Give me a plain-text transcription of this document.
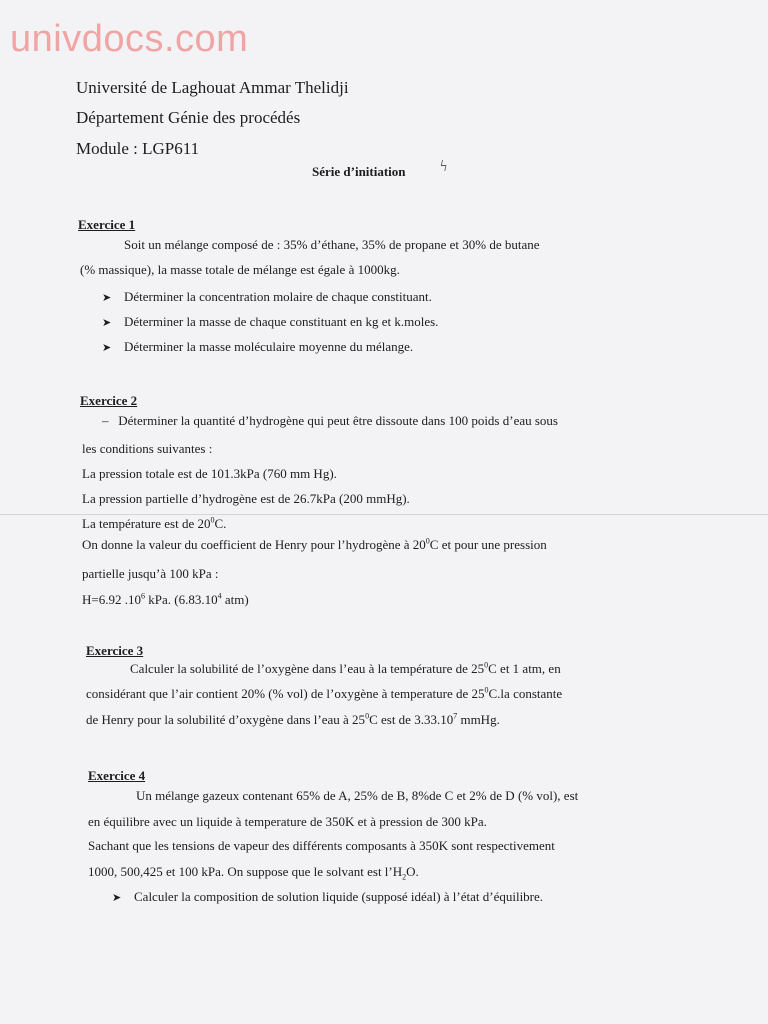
univdocs.com
Université de Laghouat Ammar Thelidji
Département Génie des procédés
Module : LGP611
Série d’initiation ϟ
Exercice 1
Soit un mélange composé de : 35% d’éthane, 35% de propane et 30% de butane
(% massique), la masse totale de mélange est égale à 1000kg.
➤ Déterminer la concentration molaire de chaque constituant.
➤ Déterminer la masse de chaque constituant en kg et k.moles.
➤ Déterminer la masse moléculaire moyenne du mélange.
Exercice 2
–   Déterminer la quantité d’hydrogène qui peut être dissoute dans 100 poids d’eau sous
les conditions suivantes :
La pression totale est de 101.3kPa (760 mm Hg).
La pression partielle d’hydrogène est de 26.7kPa (200 mmHg).
La température est de $20^0C$.
On donne la valeur du coefficient de Henry pour l’hydrogène à $20^0C$ et pour une pression
partielle jusqu’à 100 kPa :
H=6.92 $.10^6$ kPa. (6.83.10$^4$ atm)
Exercice 3
Calculer la solubilité de l’oxygène dans l’eau à la température de $25^0C$ et 1 atm, en
considérant que l’air contient 20% (% vol) de l’oxygène à temperature de $25^0C.la$ constante
de Henry pour la solubilité d’oxygène dans l’eau à $25^0C$ est de 3.33.10$^7$ mmHg.
Exercice 4
Un mélange gazeux contenant 65% de A, 25% de B, 8%de C et 2% de D (% vol), est
en équilibre avec un liquide à temperature de 350K et à pression de 300 kPa.
Sachant que les tensions de vapeur des différents composants à 350K sont respectivement
1000, 500,425 et 100 kPa. On suppose que le solvant est $l’H_2O$.
➤ Calculer la composition de solution liquide (supposé idéal) à l’état d’équilibre.
